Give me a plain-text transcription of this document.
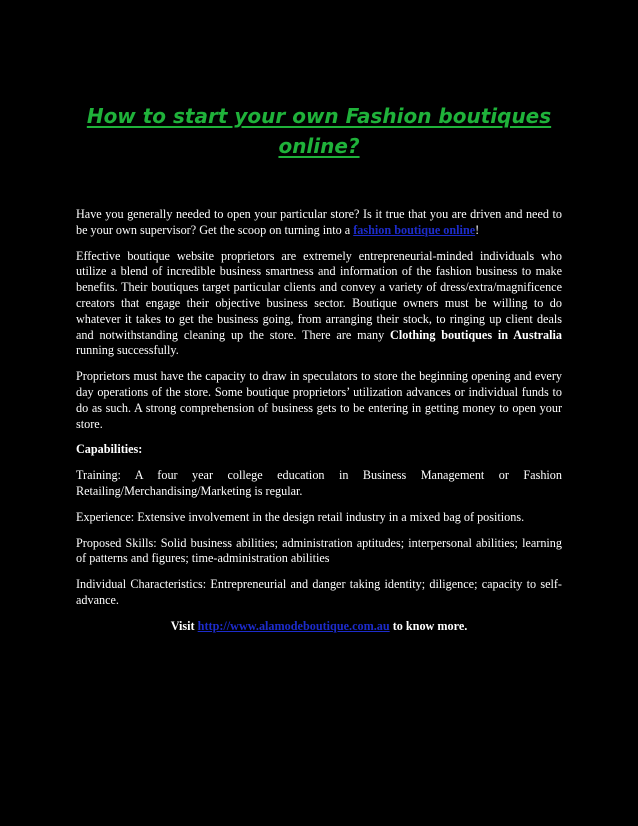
How to start your own Fashion boutiques online?

Have you generally needed to open your particular store? Is it true that you are driven and need to be your own supervisor? Get the scoop on turning into a fashion boutique online!

Effective boutique website proprietors are extremely entrepreneurial-minded individuals who utilize a blend of incredible business smartness and information of the fashion business to make benefits. Their boutiques target particular clients and convey a variety of dress/extra/magnificence creators that engage their objective business sector. Boutique owners must be willing to do whatever it takes to get the business going, from arranging their stock, to ringing up client deals and notwithstanding cleaning up the store. There are many Clothing boutiques in Australia running successfully.

Proprietors must have the capacity to draw in speculators to store the beginning opening and every day operations of the store. Some boutique proprietors’ utilization advances or individual funds to do as such. A strong comprehension of business gets to be entering in getting money to open your store.

Capabilities:

Training: A four year college education in Business Management or Fashion Retailing/Merchandising/Marketing is regular.

Experience: Extensive involvement in the design retail industry in a mixed bag of positions.

Proposed Skills: Solid business abilities; administration aptitudes; interpersonal abilities; learning of patterns and figures; time-administration abilities

Individual Characteristics: Entrepreneurial and danger taking identity; diligence; capacity to self-advance.

Visit http://www.alamodeboutique.com.au to know more.
